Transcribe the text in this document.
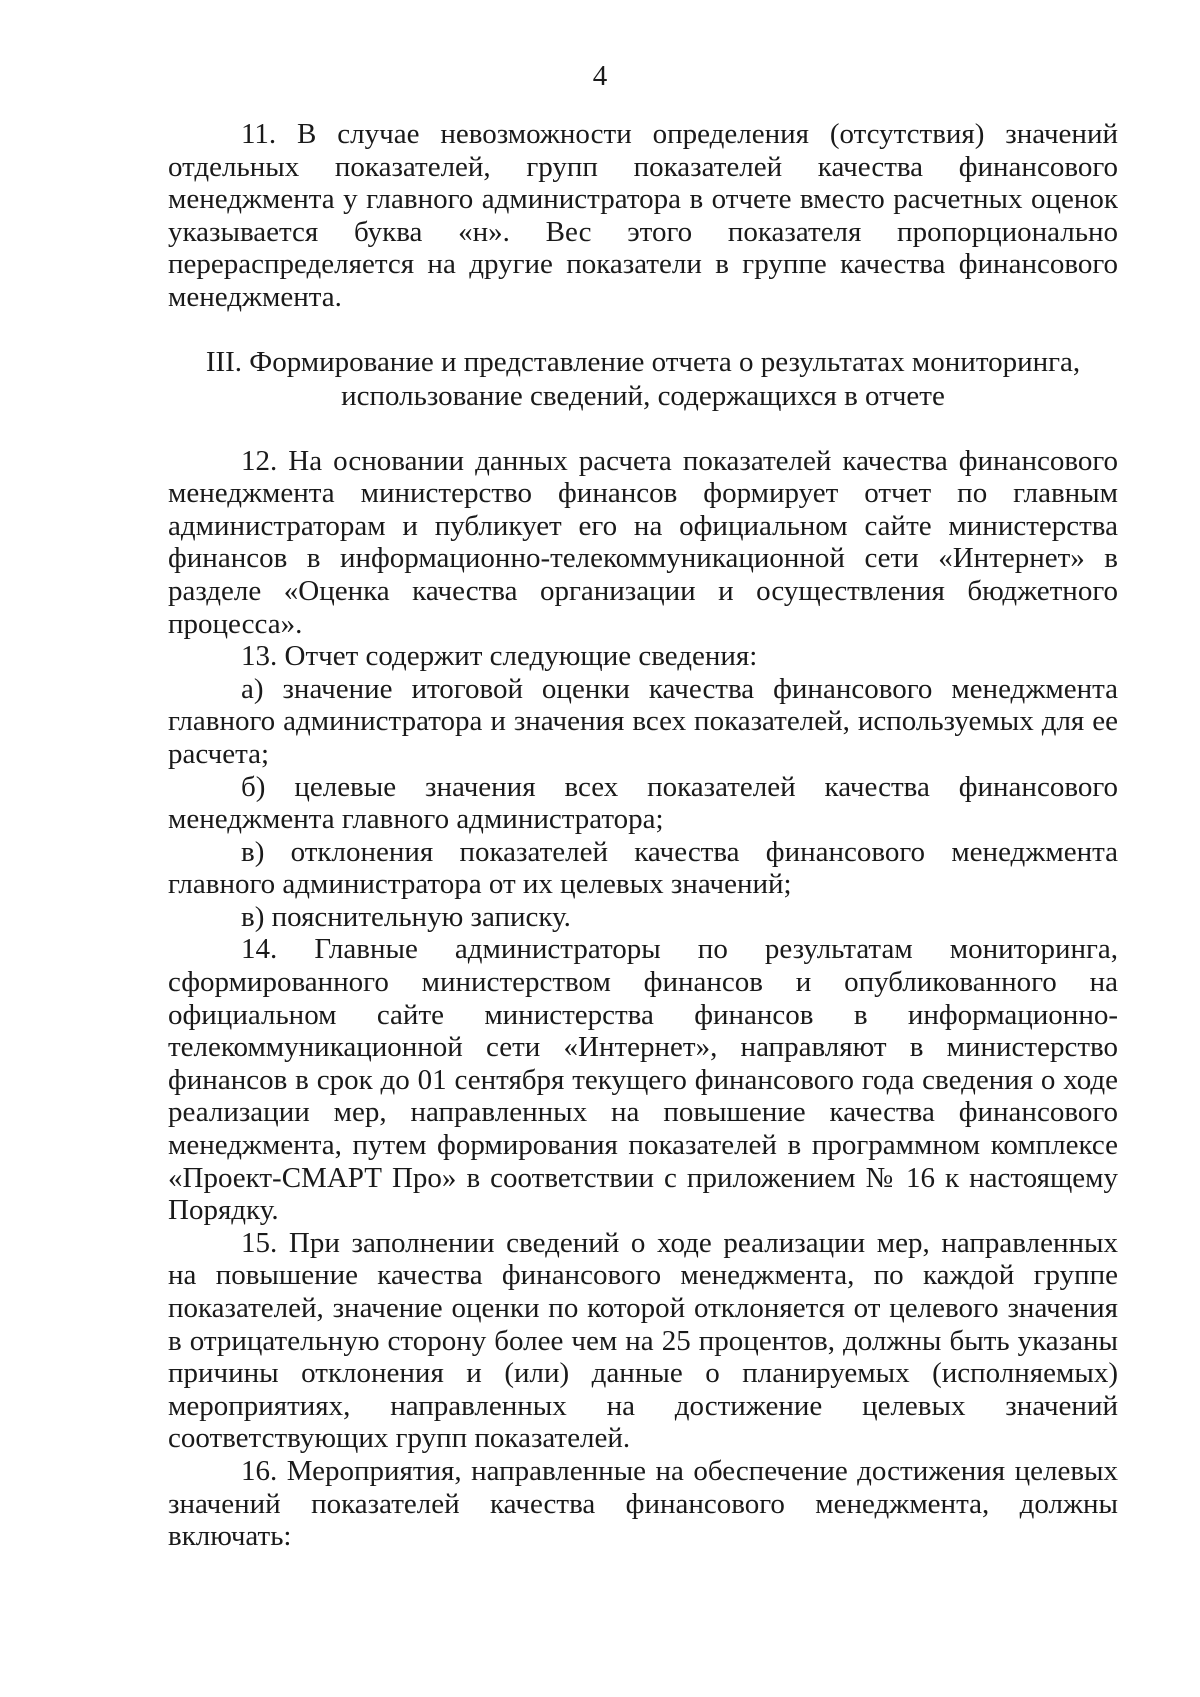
4

11. В случае невозможности определения (отсутствия) значений отдельных показателей, групп показателей качества финансового менеджмента у главного администратора в отчете вместо расчетных оценок указывается буква «н». Вес этого показателя пропорционально перераспределяется на другие показатели в группе качества финансового менеджмента.

III. Формирование и представление отчета о результатах мониторинга,
использование сведений, содержащихся в отчете

12. На основании данных расчета показателей качества финансового менеджмента министерство финансов формирует отчет по главным администраторам и публикует его на официальном сайте министерства финансов в информационно-телекоммуникационной сети «Интернет» в разделе «Оценка качества организации и осуществления бюджетного процесса».

13. Отчет содержит следующие сведения:

а) значение итоговой оценки качества финансового менеджмента главного администратора и значения всех показателей, используемых для ее расчета;

б) целевые значения всех показателей качества финансового менеджмента главного администратора;

в) отклонения показателей качества финансового менеджмента главного администратора от их целевых значений;

в) пояснительную записку.

14. Главные администраторы по результатам мониторинга, сформированного министерством финансов и опубликованного на официальном сайте министерства финансов в информационно-телекоммуникационной сети «Интернет», направляют в министерство финансов в срок до 01 сентября текущего финансового года сведения о ходе реализации мер, направленных на повышение качества финансового менеджмента, путем формирования показателей в программном комплексе «Проект-СМАРТ Про» в соответствии с приложением № 16 к настоящему Порядку.

15. При заполнении сведений о ходе реализации мер, направленных на повышение качества финансового менеджмента, по каждой группе показателей, значение оценки по которой отклоняется от целевого значения в отрицательную сторону более чем на 25 процентов, должны быть указаны причины отклонения и (или) данные о планируемых (исполняемых) мероприятиях, направленных на достижение целевых значений соответствующих групп показателей.

16. Мероприятия, направленные на обеспечение достижения целевых значений показателей качества финансового менеджмента, должны включать:
